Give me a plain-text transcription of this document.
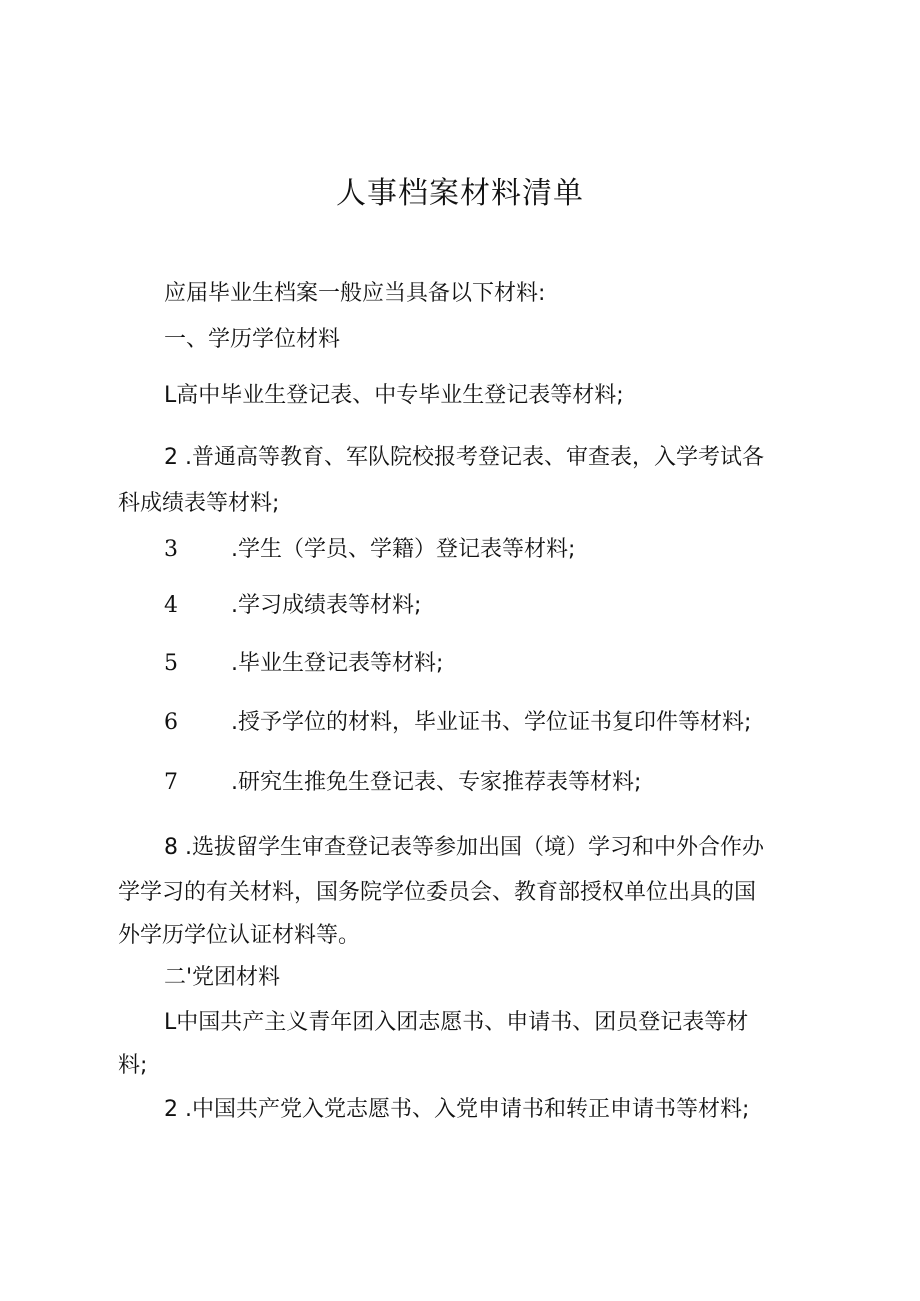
人事档案材料清单
应届毕业生档案一般应当具备以下材料:
一、学历学位材料
L高中毕业生登记表、中专毕业生登记表等材料;
2 .普通高等教育、军队院校报考登记表、审查表，入学考试各
科成绩表等材料;
3 .学生（学员、学籍）登记表等材料;
4 .学习成绩表等材料;
5 .毕业生登记表等材料;
6 .授予学位的材料，毕业证书、学位证书复印件等材料;
7 .研究生推免生登记表、专家推荐表等材料;
8 .选拔留学生审查登记表等参加出国（境）学习和中外合作办
学学习的有关材料，国务院学位委员会、教育部授权单位出具的国
外学历学位认证材料等。
二'党团材料
L中国共产主义青年团入团志愿书、申请书、团员登记表等材
料;
2 .中国共产党入党志愿书、入党申请书和转正申请书等材料;
